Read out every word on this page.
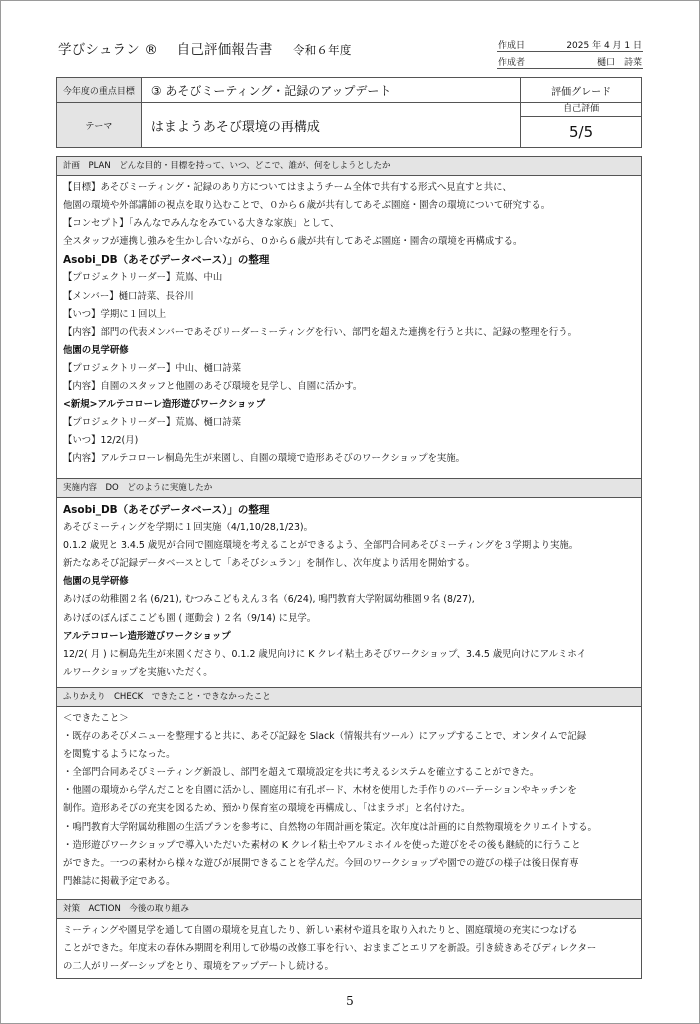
学びシュラン ® 自己評価報告書 令和６年度	作成日	2025 年 4 月 1 日
作成者	樋口　詩菜
今年度の重点目標	③ あそびミーティング・記録のアップデート	評価グレード
テーマ	はまようあそび環境の再構成	自己評価
5/5
計画　PLAN　どんな目的・目標を持って、いつ、どこで、誰が、何をしようとしたか
【目標】あそびミーティング・記録のあり方についてはまようチーム全体で共有する形式へ見直すと共に、
他園の環境や外部講師の視点を取り込むことで、０から６歳が共有してあそぶ園庭・園舎の環境について研究する。
【コンセプト】「みんなでみんなをみている大きな家族」として、
全スタッフが連携し強みを生かし合いながら、０から６歳が共有してあそぶ園庭・園舎の環境を再構成する。
Asobi_DB（あそびデータベース）」の整理
【プロジェクトリーダー】荒嶌、中山
【メンバー】樋口詩菜、長谷川
【いつ】学期に１回以上
【内容】部門の代表メンバーであそびリーダーミーティングを行い、部門を超えた連携を行うと共に、記録の整理を行う。
他園の見学研修
【プロジェクトリーダー】中山、樋口詩菜
【内容】自園のスタッフと他園のあそび環境を見学し、自園に活かす。
<新規>アルテコローレ造形遊びワークショップ
【プロジェクトリーダー】荒嶌、樋口詩菜
【いつ】12/2(月)
【内容】アルテコローレ桐島先生が来園し、自園の環境で造形あそびのワークショップを実施。
実施内容　DO　どのように実施したか
Asobi_DB（あそびデータベース）」の整理
あそびミーティングを学期に１回実施（4/1,10/28,1/23)。
0.1.2 歳児と 3.4.5 歳児が合同で園庭環境を考えることができるよう、全部門合同あそびミーティングを３学期より実施。
新たなあそび記録データベースとして「あそびシュラン」を制作し、次年度より活用を開始する。
他園の見学研修
あけぼの幼稚園２名 (6/21), むつみこどもえん３名（6/24), 鳴門教育大学附属幼稚園９名 (8/27),
あけぼのぽんぽここども園 ( 運動会 ) ２名（9/14) に見学。
アルテコローレ造形遊びワークショップ
12/2( 月 ) に桐島先生が来園くださり、0.1.2 歳児向けに K クレイ粘土あそびワークショップ、3.4.5 歳児向けにアルミホイ
ルワークショップを実施いただく。
ふりかえり　CHECK　できたこと・できなかったこと
＜できたこと＞
・既存のあそびメニューを整理すると共に、あそび記録を Slack（情報共有ツール）にアップすることで、オンタイムで記録
を閲覧するようになった。
・全部門合同あそびミーティング新設し、部門を超えて環境設定を共に考えるシステムを確立することができた。
・他園の環境から学んだことを自園に活かし、園庭用に有孔ボード、木材を使用した手作りのパーテーションやキッチンを
制作。造形あそびの充実を図るため、預かり保育室の環境を再構成し、「はまラボ」と名付けた。
・鳴門教育大学附属幼稚園の生活プランを参考に、自然物の年間計画を策定。次年度は計画的に自然物環境をクリエイトする。
・造形遊びワークショップで導入いただいた素材の K クレイ粘土やアルミホイルを使った遊びをその後も継続的に行うこと
ができた。一つの素材から様々な遊びが展開できることを学んだ。今回のワークショップや園での遊びの様子は後日保育専
門雑誌に掲載予定である。
対策　ACTION　今後の取り組み
ミーティングや園見学を通して自園の環境を見直したり、新しい素材や道具を取り入れたりと、園庭環境の充実につなげる
ことができた。年度末の春休み期間を利用して砂場の改修工事を行い、おままごとエリアを新設。引き続きあそびディレクター
の二人がリーダーシップをとり、環境をアップデートし続ける。
5
